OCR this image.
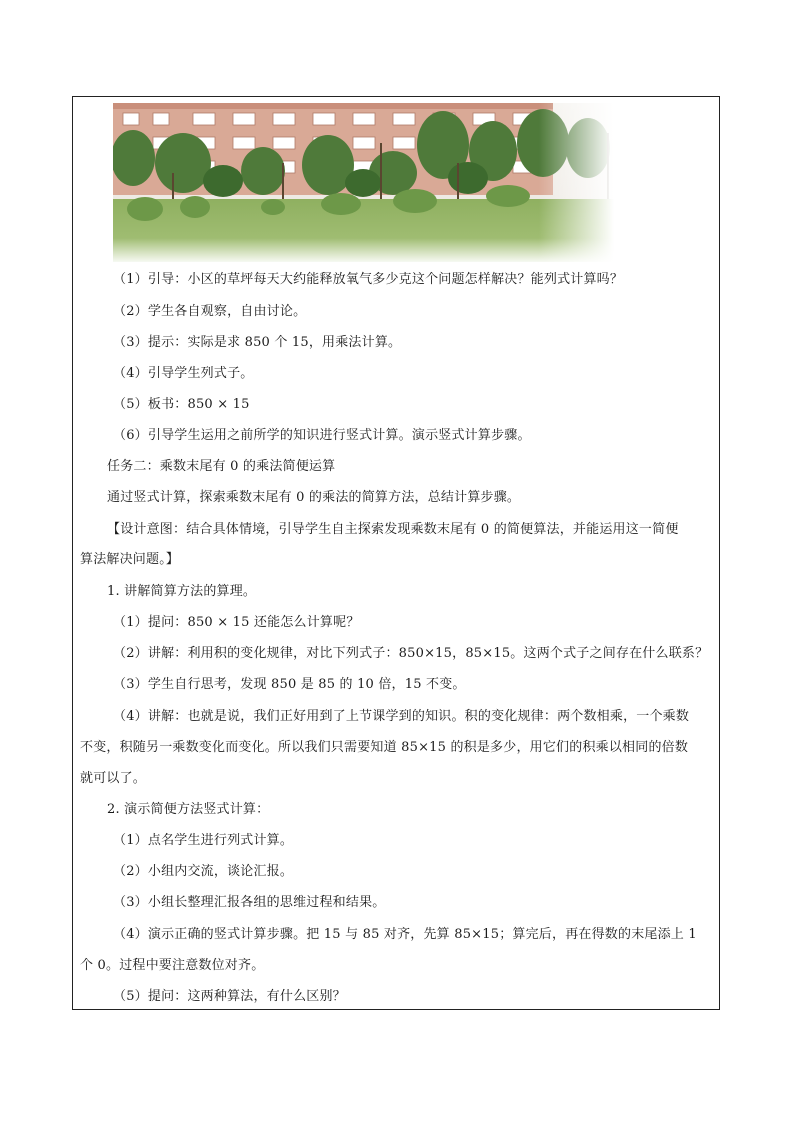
（1）引导：小区的草坪每天大约能释放氧气多少克这个问题怎样解决？能列式计算吗？
（2）学生各自观察，自由讨论。
（3）提示：实际是求 850 个 15，用乘法计算。
（4）引导学生列式子。
（5）板书：850 × 15
（6）引导学生运用之前所学的知识进行竖式计算。演示竖式计算步骤。
任务二：乘数末尾有 0 的乘法简便运算
通过竖式计算，探索乘数末尾有 0 的乘法的简算方法，总结计算步骤。
【设计意图：结合具体情境，引导学生自主探索发现乘数末尾有 0 的简便算法，并能运用这一简便
算法解决问题。】
1. 讲解简算方法的算理。
（1）提问：850 × 15 还能怎么计算呢？
（2）讲解：利用积的变化规律，对比下列式子：850×15，85×15。这两个式子之间存在什么联系？
（3）学生自行思考，发现 850 是 85 的 10 倍，15 不变。
（4）讲解：也就是说，我们正好用到了上节课学到的知识。积的变化规律：两个数相乘，一个乘数
不变，积随另一乘数变化而变化。所以我们只需要知道 85×15 的积是多少，用它们的积乘以相同的倍数
就可以了。
2. 演示简便方法竖式计算：
（1）点名学生进行列式计算。
（2）小组内交流，谈论汇报。
（3）小组长整理汇报各组的思维过程和结果。
（4）演示正确的竖式计算步骤。把 15 与 85 对齐，先算 85×15；算完后，再在得数的末尾添上 1
个 0。过程中要注意数位对齐。
（5）提问：这两种算法，有什么区别？
